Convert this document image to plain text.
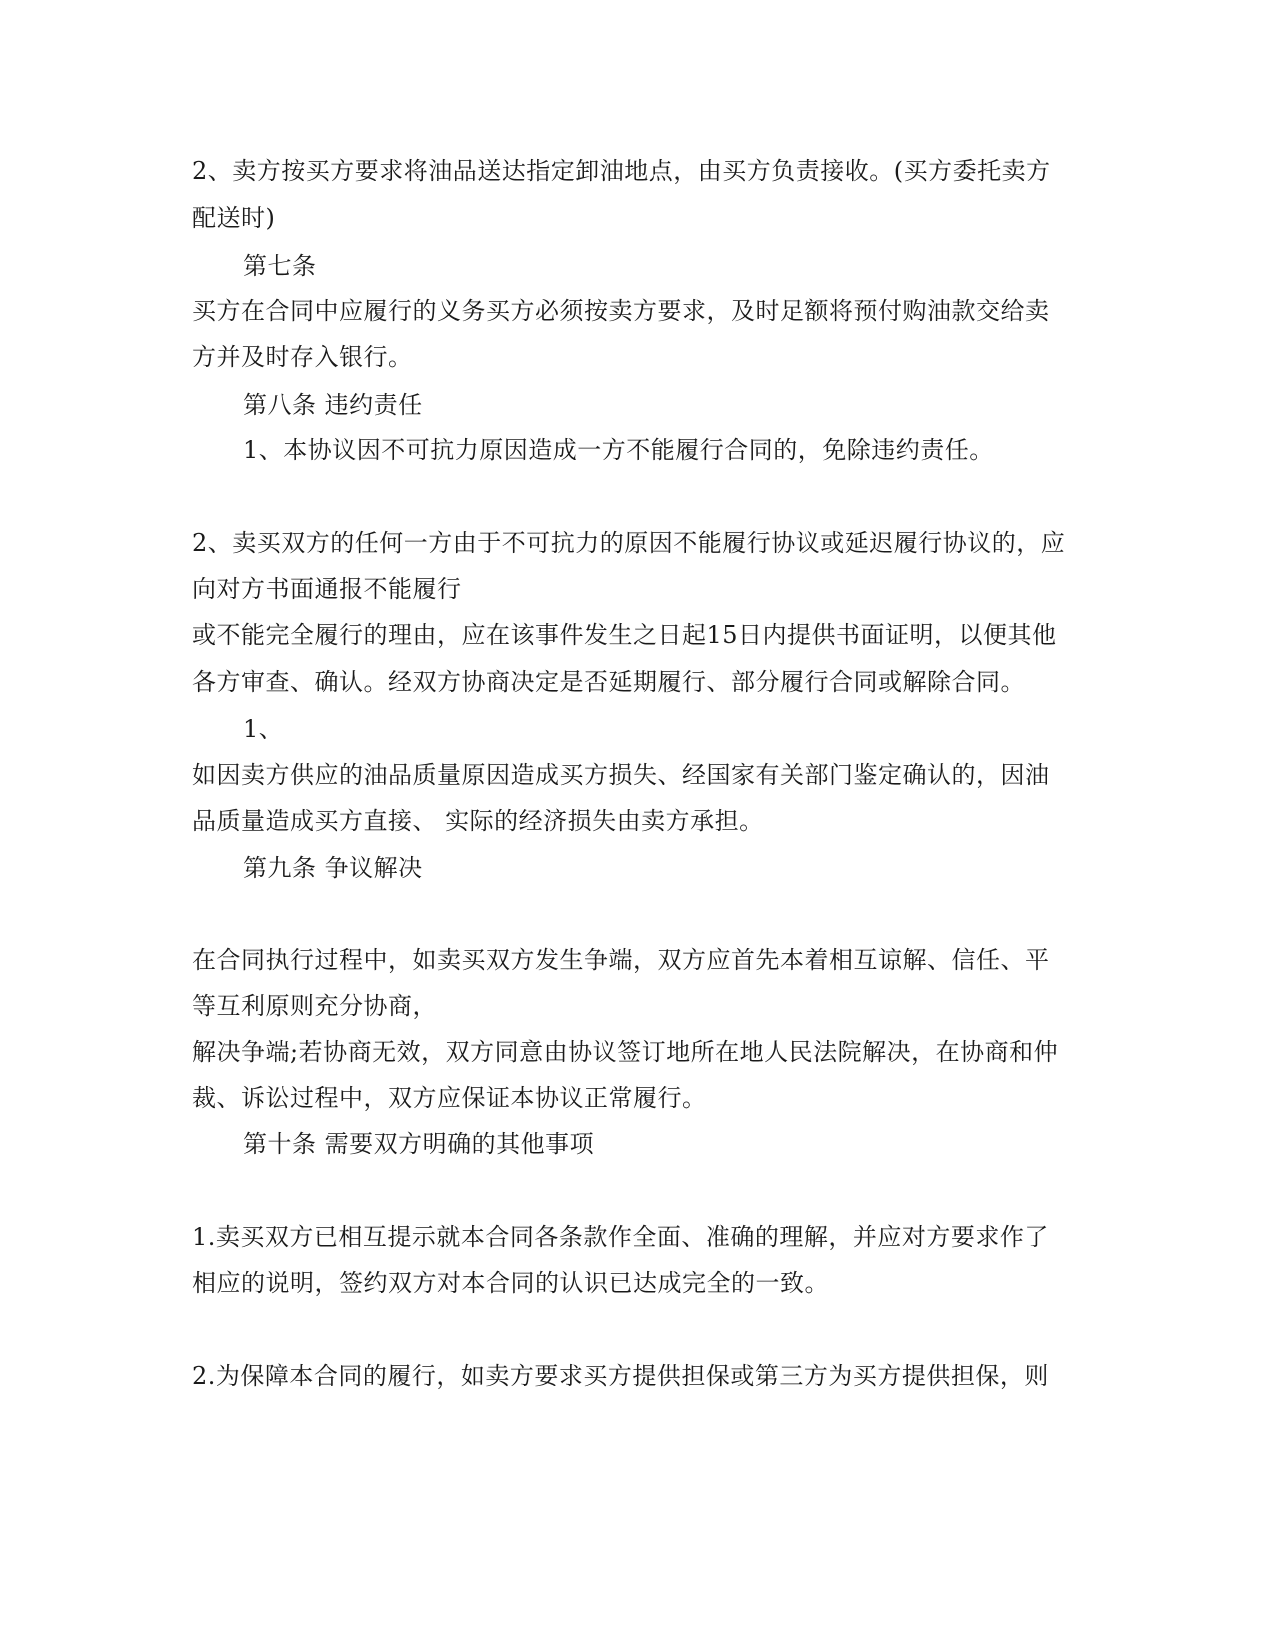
2、卖方按买方要求将油品送达指定卸油地点，由买方负责接收。(买方委托卖方
配送时)
第七条
买方在合同中应履行的义务买方必须按卖方要求，及时足额将预付购油款交给卖
方并及时存入银行。
第八条 违约责任
1、本协议因不可抗力原因造成一方不能履行合同的，免除违约责任。
2、卖买双方的任何一方由于不可抗力的原因不能履行协议或延迟履行协议的，应
向对方书面通报不能履行
或不能完全履行的理由，应在该事件发生之日起15日内提供书面证明，以便其他
各方审查、确认。经双方协商决定是否延期履行、部分履行合同或解除合同。
1、
如因卖方供应的油品质量原因造成买方损失、经国家有关部门鉴定确认的，因油
品质量造成买方直接、 实际的经济损失由卖方承担。
第九条 争议解决
在合同执行过程中，如卖买双方发生争端，双方应首先本着相互谅解、信任、平
等互利原则充分协商，
解决争端;若协商无效，双方同意由协议签订地所在地人民法院解决，在协商和仲
裁、诉讼过程中，双方应保证本协议正常履行。
第十条 需要双方明确的其他事项
1.卖买双方已相互提示就本合同各条款作全面、准确的理解，并应对方要求作了
相应的说明，签约双方对本合同的认识已达成完全的一致。
2.为保障本合同的履行，如卖方要求买方提供担保或第三方为买方提供担保，则
